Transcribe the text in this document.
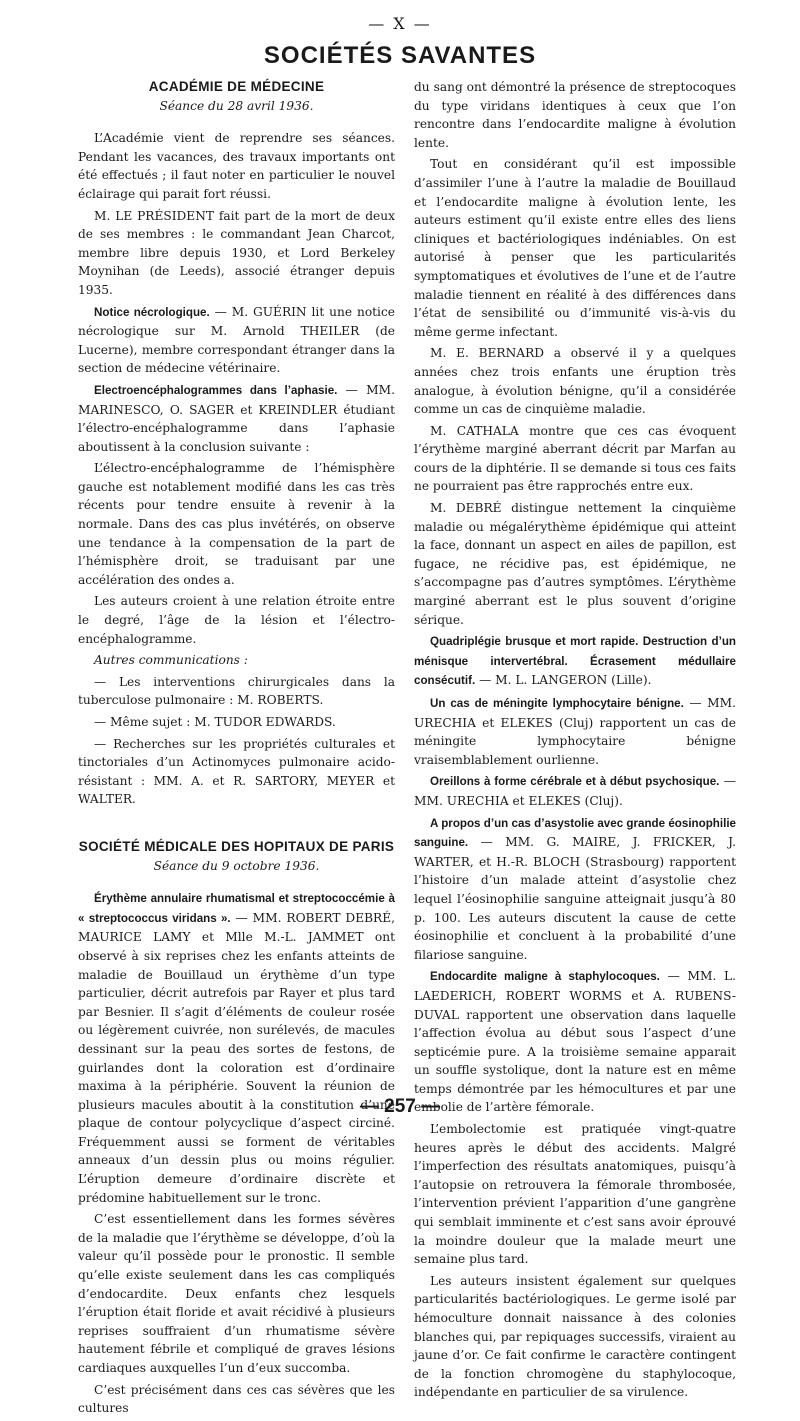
— X —
SOCIÉTÉS SAVANTES
ACADÉMIE DE MÉDECINE
Séance du 28 avril 1936.

L’Académie vient de reprendre ses séances. Pendant les vacances, des travaux importants ont été effectués ; il faut noter en particulier le nouvel éclairage qui parait fort réussi.

M. LE PRÉSIDENT fait part de la mort de deux de ses membres : le commandant Jean Charcot, membre libre depuis 1930, et Lord Berkeley Moynihan (de Leeds), associé étranger depuis 1935.

Notice nécrologique. — M. GUÉRIN lit une notice nécrologique sur M. Arnold THEILER (de Lucerne), membre correspondant étranger dans la section de médecine vétérinaire.

Electroencéphalogrammes dans l’aphasie. — MM. MARINESCO, O. SAGER et KREINDLER étudiant l’électro-encéphalogramme dans l’aphasie aboutissent à la conclusion suivante :

L’électro-encéphalogramme de l’hémisphère gauche est notablement modifié dans les cas très récents pour tendre ensuite à revenir à la normale. Dans des cas plus invétérés, on observe une tendance à la compensation de la part de l’hémisphère droit, se traduisant par une accélération des ondes a.

Les auteurs croient à une relation étroite entre le degré, l’âge de la lésion et l’électro-encéphalogramme.

Autres communications :

— Les interventions chirurgicales dans la tuberculose pulmonaire : M. ROBERTS.

— Même sujet : M. TUDOR EDWARDS.

— Recherches sur les propriétés culturales et tinctoriales d’un Actinomyces pulmonaire acido-résistant : MM. A. et R. SARTORY, MEYER et WALTER.

SOCIÉTÉ MÉDICALE DES HOPITAUX DE PARIS
Séance du 9 octobre 1936.

Érythème annulaire rhumatismal et streptococcémie à « streptococcus viridans ». — MM. ROBERT DEBRÉ, MAURICE LAMY et Mlle M.-L. JAMMET ont observé à six reprises chez les enfants atteints de maladie de Bouillaud un érythème d’un type particulier, décrit autrefois par Rayer et plus tard par Besnier. Il s’agit d’éléments de couleur rosée ou légèrement cuivrée, non surélevés, de macules dessinant sur la peau des sortes de festons, de guirlandes dont la coloration est d’ordinaire maxima à la périphérie. Souvent la réunion de plusieurs macules aboutit à la constitution d’une plaque de contour polycyclique d’aspect circiné. Fréquemment aussi se forment de véritables anneaux d’un dessin plus ou moins régulier. L’éruption demeure d’ordinaire discrète et prédomine habituellement sur le tronc.

C’est essentiellement dans les formes sévères de la maladie que l’érythème se développe, d’où la valeur qu’il possède pour le pronostic. Il semble qu’elle existe seulement dans les cas compliqués d’endocardite. Deux enfants chez lesquels l’éruption était floride et avait récidivé à plusieurs reprises souffraient d’un rhumatisme sévère hautement fébrile et compliqué de graves lésions cardiaques auxquelles l’un d’eux succomba.

C’est précisément dans ces cas sévères que les cultures

du sang ont démontré la présence de streptocoques du type viridans identiques à ceux que l’on rencontre dans l’endocardite maligne à évolution lente.

Tout en considérant qu’il est impossible d’assimiler l’une à l’autre la maladie de Bouillaud et l’endocardite maligne à évolution lente, les auteurs estiment qu’il existe entre elles des liens cliniques et bactériologiques indéniables. On est autorisé à penser que les particularités symptomatiques et évolutives de l’une et de l’autre maladie tiennent en réalité à des différences dans l’état de sensibilité ou d’immunité vis-à-vis du même germe infectant.

M. E. BERNARD a observé il y a quelques années chez trois enfants une éruption très analogue, à évolution bénigne, qu’il a considérée comme un cas de cinquième maladie.

M. CATHALA montre que ces cas évoquent l’érythème marginé aberrant décrit par Marfan au cours de la diphtérie. Il se demande si tous ces faits ne pourraient pas être rapprochés entre eux.

M. DEBRÉ distingue nettement la cinquième maladie ou mégalérythème épidémique qui atteint la face, donnant un aspect en ailes de papillon, est fugace, ne récidive pas, est épidémique, ne s’accompagne pas d’autres symptômes. L’érythème marginé aberrant est le plus souvent d’origine sérique.

Quadriplégie brusque et mort rapide. Destruction d’un ménisque intervertébral. Écrasement médullaire consécutif. — M. L. LANGERON (Lille).

Un cas de méningite lymphocytaire bénigne. — MM. URECHIA et ELEKES (Cluj) rapportent un cas de méningite lymphocytaire bénigne vraisemblablement ourlienne.

Oreillons à forme cérébrale et à début psychosique. — MM. URECHIA et ELEKES (Cluj).

A propos d’un cas d’asystolie avec grande éosinophilie sanguine. — MM. G. MAIRE, J. FRICKER, J. WARTER, et H.-R. BLOCH (Strasbourg) rapportent l’histoire d’un malade atteint d’asystolie chez lequel l’éosinophilie sanguine atteignait jusqu’à 80 p. 100. Les auteurs discutent la cause de cette éosinophilie et concluent à la probabilité d’une filariose sanguine.

Endocardite maligne à staphylocoques. — MM. L. LAEDERICH, ROBERT WORMS et A. RUBENS-DUVAL rapportent une observation dans laquelle l’affection évolua au début sous l’aspect d’une septicémie pure. A la troisième semaine apparait un souffle systolique, dont la nature est en même temps démontrée par les hémocultures et par une embolie de l’artère fémorale.

L’embolectomie est pratiquée vingt-quatre heures après le début des accidents. Malgré l’imperfection des résultats anatomiques, puisqu’à l’autopsie on retrouvera la fémorale thrombosée, l’intervention prévient l’apparition d’une gangrène qui semblait imminente et c’est sans avoir éprouvé la moindre douleur que la malade meurt une semaine plus tard.

Les auteurs insistent également sur quelques particularités bactériologiques. Le germe isolé par hémoculture donnait naissance à des colonies blanches qui, par repiquages successifs, viraient au jaune d’or. Ce fait confirme le caractère contingent de la fonction chromogène du staphylocoque, indépendante en particulier de sa virulence.

— 257 —
